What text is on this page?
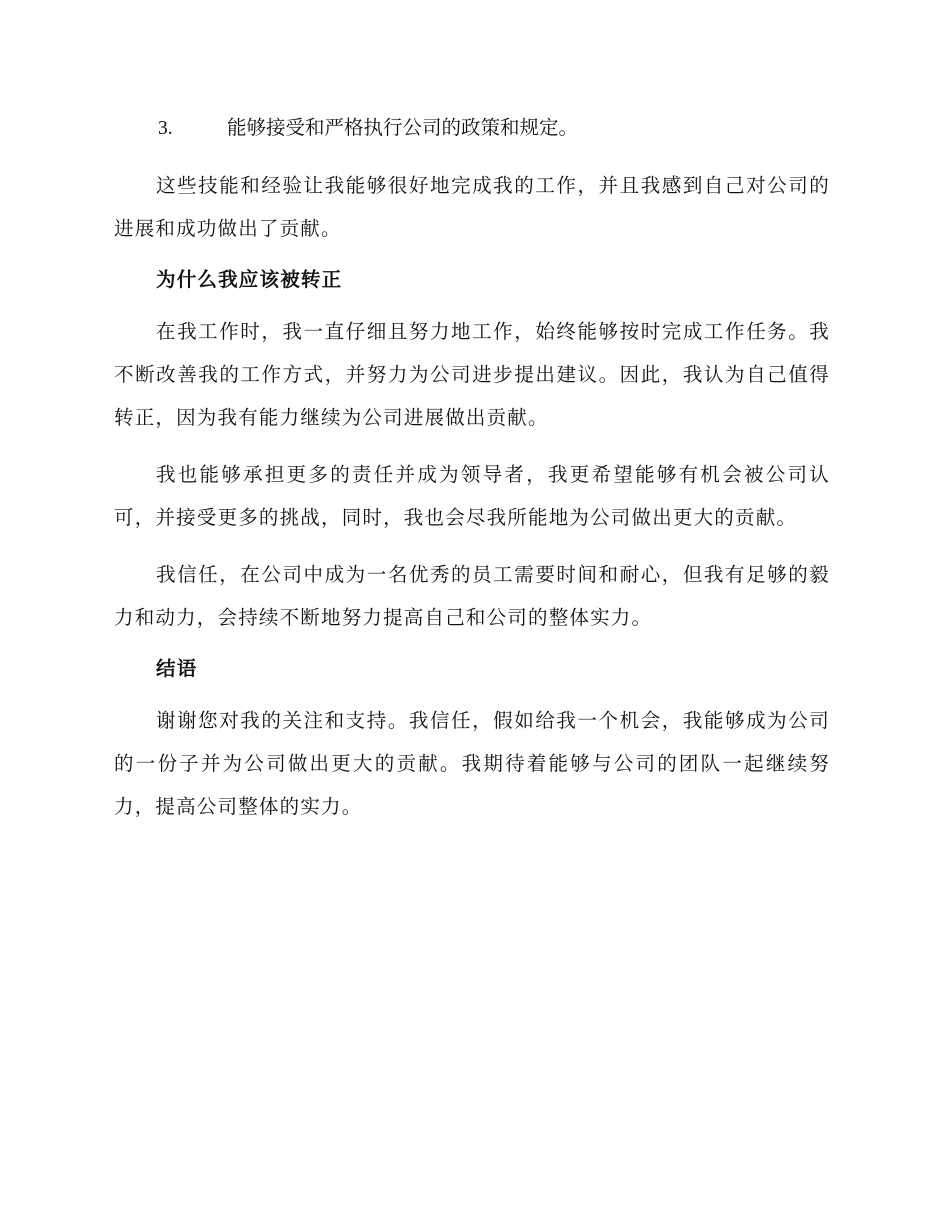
3.	能够接受和严格执行公司的政策和规定。

这些技能和经验让我能够很好地完成我的工作，并且我感到自己对公司的进展和成功做出了贡献。

为什么我应该被转正

在我工作时，我一直仔细且努力地工作，始终能够按时完成工作任务。我不断改善我的工作方式，并努力为公司进步提出建议。因此，我认为自己值得转正，因为我有能力继续为公司进展做出贡献。

我也能够承担更多的责任并成为领导者，我更希望能够有机会被公司认可，并接受更多的挑战，同时，我也会尽我所能地为公司做出更大的贡献。

我信任，在公司中成为一名优秀的员工需要时间和耐心，但我有足够的毅力和动力，会持续不断地努力提高自己和公司的整体实力。

结语

谢谢您对我的关注和支持。我信任，假如给我一个机会，我能够成为公司的一份子并为公司做出更大的贡献。我期待着能够与公司的团队一起继续努力，提高公司整体的实力。
